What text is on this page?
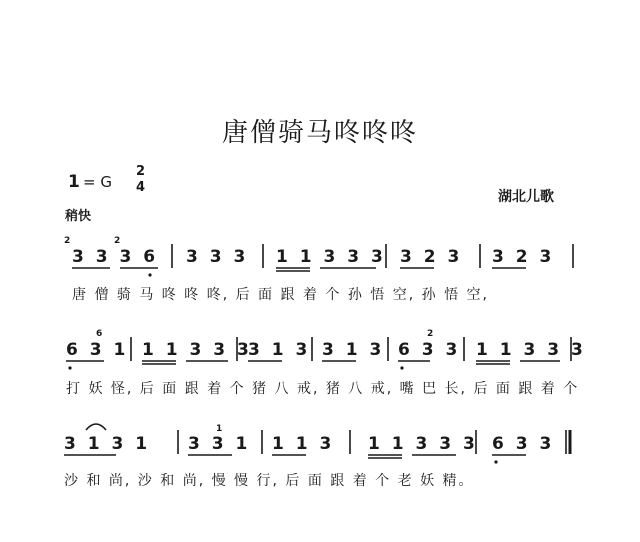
唐僧骑马咚咚咚
1 = G
2
4
稍快
湖北儿歌
2	2
3 3 3 6 3 3 3 1 1 3 3 3 3 2 3 3 2 3
唐 僧 骑 马 咚 咚 咚, 后 面 跟 着 个 孙 悟 空, 孙 悟 空,
6	2
6 3 1 1 1 3 3 3
3 1 3 3 1 3 6 3 3 1 1 3 3 3
打 妖 怪, 后 面 跟 着 个 猪 八 戒, 猪 八 戒, 嘴 巴 长, 后 面 跟 着 个
1
3 1 3 1 3 3 1 1 1 3 1 1 3 3 3 6 3 3
沙 和 尚, 沙 和 尚, 慢 慢 行, 后 面 跟 着 个 老 妖 精。
